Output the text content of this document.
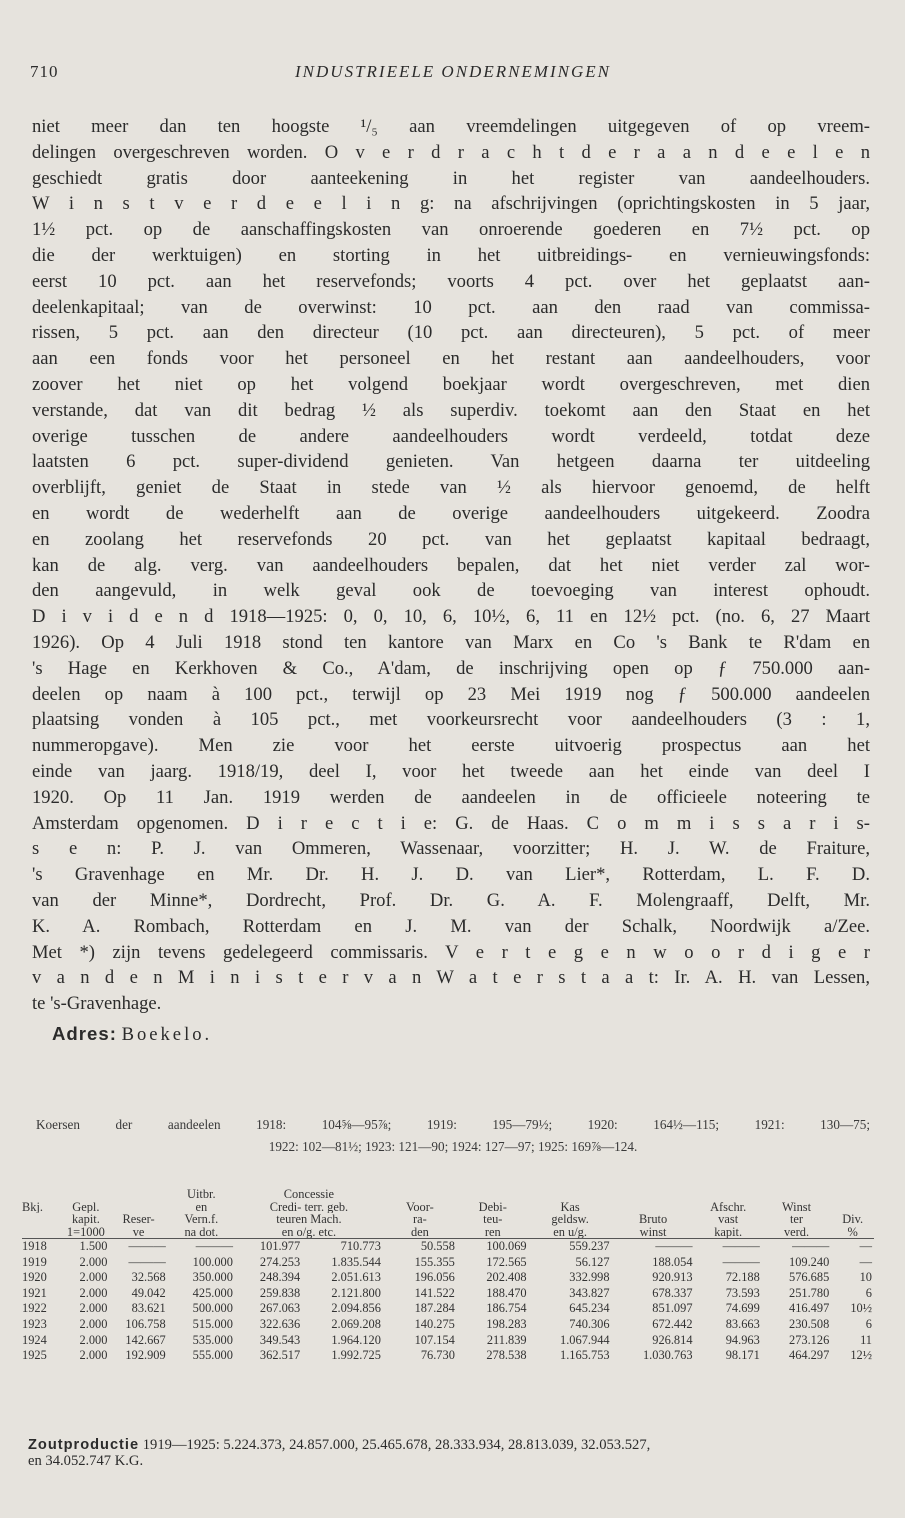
710	INDUSTRIEELE ONDERNEMINGEN
niet meer dan ten hoogste ¹/₅ aan vreemdelingen uitgegeven of op vreem-
delingen overgeschreven worden. O v e r d r a c h t d e r a a n d e e l e n
geschiedt gratis door aanteekening in het register van aandeelhouders.
W i n s t v e r d e e l i n g: na afschrijvingen (oprichtingskosten in 5 jaar,
1½ pct. op de aanschaffingskosten van onroerende goederen en 7½ pct. op
die der werktuigen) en storting in het uitbreidings- en vernieuwingsfonds:
eerst 10 pct. aan het reservefonds; voorts 4 pct. over het geplaatst aan-
deelenkapitaal; van de overwinst: 10 pct. aan den raad van commissa-
rissen, 5 pct. aan den directeur (10 pct. aan directeuren), 5 pct. of meer
aan een fonds voor het personeel en het restant aan aandeelhouders, voor
zoover het niet op het volgend boekjaar wordt overgeschreven, met dien
verstande, dat van dit bedrag ½ als superdiv. toekomt aan den Staat en het
overige tusschen de andere aandeelhouders wordt verdeeld, totdat deze
laatsten 6 pct. super-dividend genieten. Van hetgeen daarna ter uitdeeling
overblijft, geniet de Staat in stede van ½ als hiervoor genoemd, de helft
en wordt de wederhelft aan de overige aandeelhouders uitgekeerd. Zoodra
en zoolang het reservefonds 20 pct. van het geplaatst kapitaal bedraagt,
kan de alg. verg. van aandeelhouders bepalen, dat het niet verder zal wor-
den aangevuld, in welk geval ook de toevoeging van interest ophoudt.
D i v i d e n d 1918—1925: 0, 0, 10, 6, 10½, 6, 11 en 12½ pct. (no. 6, 27 Maart
1926). Op 4 Juli 1918 stond ten kantore van Marx en Co 's Bank te R'dam en
's Hage en Kerkhoven & Co., A'dam, de inschrijving open op ƒ 750.000 aan-
deelen op naam à 100 pct., terwijl op 23 Mei 1919 nog ƒ 500.000 aandeelen
plaatsing vonden à 105 pct., met voorkeursrecht voor aandeelhouders (3 : 1,
nummeropgave). Men zie voor het eerste uitvoerig prospectus aan het
einde van jaarg. 1918/19, deel I, voor het tweede aan het einde van deel I
1920. Op 11 Jan. 1919 werden de aandeelen in de officieele noteering te
Amsterdam opgenomen. D i r e c t i e: G. de Haas. C o m m i s s a r i s-
s e n: P. J. van Ommeren, Wassenaar, voorzitter; H. J. W. de Fraiture,
's Gravenhage en Mr. Dr. H. J. D. van Lier*, Rotterdam, L. F. D.
van der Minne*, Dordrecht, Prof. Dr. G. A. F. Molengraaff, Delft, Mr.
K. A. Rombach, Rotterdam en J. M. van der Schalk, Noordwijk a/Zee.
Met *) zijn tevens gedelegeerd commissaris. V e r t e g e n w o o r d i g e r
v a n d e n M i n i s t e r v a n W a t e r s t a a t: Ir. A. H. van Lessen,
te 's-Gravenhage.
Adres: Boekelo.
Koersen der aandeelen 1918: 104⅝—95⅞; 1919: 195—79½; 1920: 164½—115; 1921: 130—75;
1922: 102—81½; 1923: 121—90; 1924: 127—97; 1925: 169⅞—124.
			Uitbr.	Concessie								
Bkj.	Gepl.		en	Credi- terr. geb.		Voor-	Debi-	Kas		Afschr.	Winst	
	kapit.	Reser-	Vern.f.	teuren Mach.		ra-	teu-	geldsw.	Bruto	vast	ter	Div.
	1=1000	ve	na dot.	en o/g. etc.		den	ren	en u/g.	winst	kapit.	verd.	%
1918	1.500	———	———	101.977	710.773	50.558	100.069	559.237	———	———	———	—
1919	2.000	———	100.000	274.253	1.835.544	155.355	172.565	56.127	188.054	———	109.240	—
1920	2.000	32.568	350.000	248.394	2.051.613	196.056	202.408	332.998	920.913	72.188	576.685	10
1921	2.000	49.042	425.000	259.838	2.121.800	141.522	188.470	343.827	678.337	73.593	251.780	6
1922	2.000	83.621	500.000	267.063	2.094.856	187.284	186.754	645.234	851.097	74.699	416.497	10½
1923	2.000	106.758	515.000	322.636	2.069.208	140.275	198.283	740.306	672.442	83.663	230.508	6
1924	2.000	142.667	535.000	349.543	1.964.120	107.154	211.839	1.067.944	926.814	94.963	273.126	11
1925	2.000	192.909	555.000	362.517	1.992.725	76.730	278.538	1.165.753	1.030.763	98.171	464.297	12½
Zoutproductie 1919—1925: 5.224.373, 24.857.000, 25.465.678, 28.333.934, 28.813.039, 32.053.527,
en 34.052.747 K.G.
